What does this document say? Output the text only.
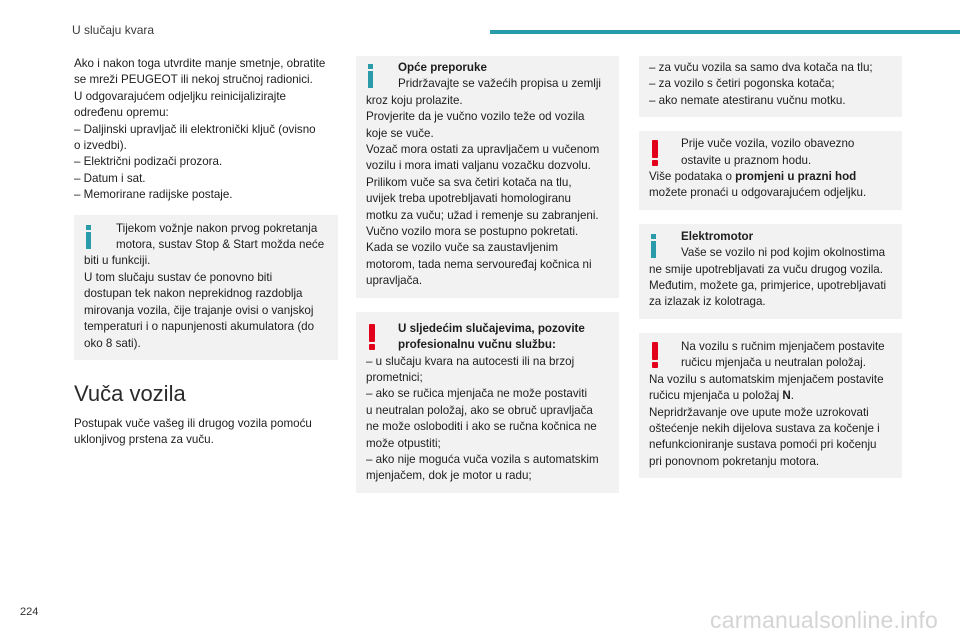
U slučaju kvara
Ako i nakon toga utvrdite manje smetnje, obratite
se mreži PEUGEOT ili nekoj stručnoj radionici.
U odgovarajućem odjeljku reinicijalizirajte
određenu opremu:
– Daljinski upravljač ili elektronički ključ (ovisno
o izvedbi).
– Električni podizači prozora.
– Datum i sat.
– Memorirane radijske postaje.
Tijekom vožnje nakon prvog pokretanja
motora, sustav Stop & Start možda neće
biti u funkciji.
U tom slučaju sustav će ponovno biti
dostupan tek nakon neprekidnog razdoblja
mirovanja vozila, čije trajanje ovisi o vanjskoj
temperaturi i o napunjenosti akumulatora (do
oko 8 sati).
Vuča vozila
Postupak vuče vašeg ili drugog vozila pomoću
uklonjivog prstena za vuču.
Opće preporuke
Pridržavajte se važećih propisa u zemlji
kroz koju prolazite.
Provjerite da je vučno vozilo teže od vozila
koje se vuče.
Vozač mora ostati za upravljačem u vučenom
vozilu i mora imati valjanu vozačku dozvolu.
Prilikom vuče sa sva četiri kotača na tlu,
uvijek treba upotrebljavati homologiranu
motku za vuču; užad i remenje su zabranjeni.
Vučno vozilo mora se postupno pokretati.
Kada se vozilo vuče sa zaustavljenim
motorom, tada nema servouređaj kočnica ni
upravljača.
U sljedećim slučajevima, pozovite
profesionalnu vučnu službu:
– u slučaju kvara na autocesti ili na brzoj
prometnici;
– ako se ručica mjenjača ne može postaviti
u neutralan položaj, ako se obruč upravljača
ne može osloboditi i ako se ručna kočnica ne
može otpustiti;
– ako nije moguća vuča vozila s automatskim
mjenjačem, dok je motor u radu;
– za vuču vozila sa samo dva kotača na tlu;
– za vozilo s četiri pogonska kotača;
– ako nemate atestiranu vučnu motku.
Prije vuče vozila, vozilo obavezno
ostavite u praznom hodu.
Više podataka o promjeni u prazni hod
možete pronaći u odgovarajućem odjeljku.
Elektromotor
Vaše se vozilo ni pod kojim okolnostima
ne smije upotrebljavati za vuču drugog vozila.
Međutim, možete ga, primjerice, upotrebljavati
za izlazak iz kolotraga.
Na vozilu s ručnim mjenjačem postavite
ručicu mjenjača u neutralan položaj.
Na vozilu s automatskim mjenjačem postavite
ručicu mjenjača u položaj N.
Nepridržavanje ove upute može uzrokovati
oštećenje nekih dijelova sustava za kočenje i
nefunkcioniranje sustava pomoći pri kočenju
pri ponovnom pokretanju motora.
224	carmanualsonline.info
